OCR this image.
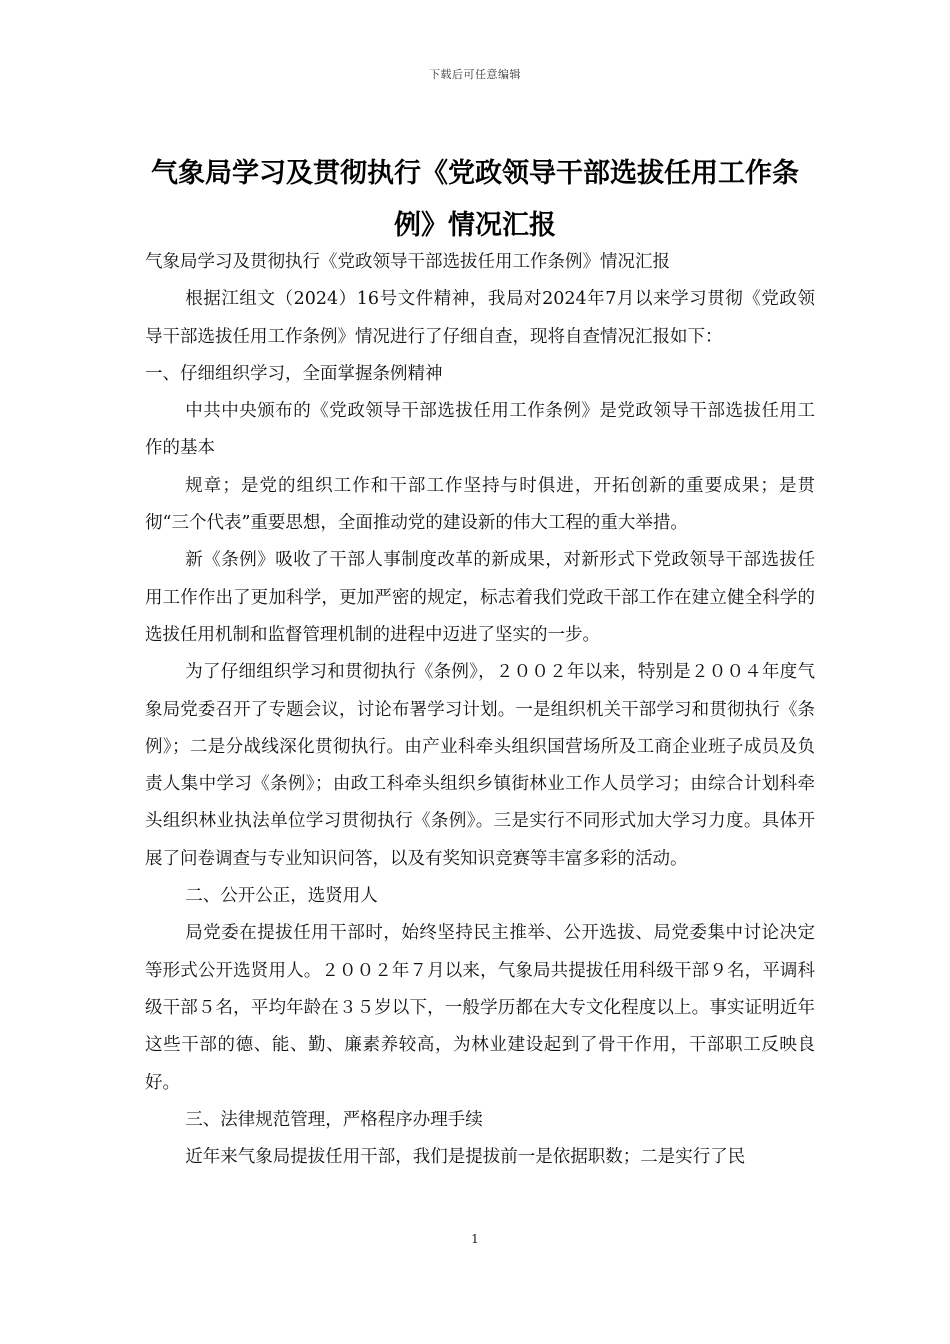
下载后可任意编辑
气象局学习及贯彻执行《党政领导干部选拔任用工作条
例》情况汇报

气象局学习及贯彻执行《党政领导干部选拔任用工作条例》情况汇报

根据江组文（2024）16号文件精神，我局对2024年7月以来学习贯彻《党政领导干部选拔任用工作条例》情况进行了仔细自查，现将自查情况汇报如下：

一、仔细组织学习，全面掌握条例精神

中共中央颁布的《党政领导干部选拔任用工作条例》是党政领导干部选拔任用工作的基本

规章；是党的组织工作和干部工作坚持与时俱进，开拓创新的重要成果；是贯彻“三个代表”重要思想，全面推动党的建设新的伟大工程的重大举措。

新《条例》吸收了干部人事制度改革的新成果，对新形式下党政领导干部选拔任用工作作出了更加科学，更加严密的规定，标志着我们党政干部工作在建立健全科学的选拔任用机制和监督管理机制的进程中迈进了坚实的一步。

为了仔细组织学习和贯彻执行《条例》，２００２年以来，特别是２００４年度气象局党委召开了专题会议，讨论布署学习计划。一是组织机关干部学习和贯彻执行《条例》；二是分战线深化贯彻执行。由产业科牵头组织国营场所及工商企业班子成员及负责人集中学习《条例》；由政工科牵头组织乡镇街林业工作人员学习；由综合计划科牵头组织林业执法单位学习贯彻执行《条例》。三是实行不同形式加大学习力度。具体开展了问卷调查与专业知识问答，以及有奖知识竞赛等丰富多彩的活动。

二、公开公正，选贤用人

局党委在提拔任用干部时，始终坚持民主推举、公开选拔、局党委集中讨论决定等形式公开选贤用人。２００２年７月以来，气象局共提拔任用科级干部９名，平调科级干部５名，平均年龄在３５岁以下，一般学历都在大专文化程度以上。事实证明近年这些干部的德、能、勤、廉素养较高，为林业建设起到了骨干作用，干部职工反映良好。

三、法律规范管理，严格程序办理手续

近年来气象局提拔任用干部，我们是提拔前一是依据职数；二是实行了民

1
